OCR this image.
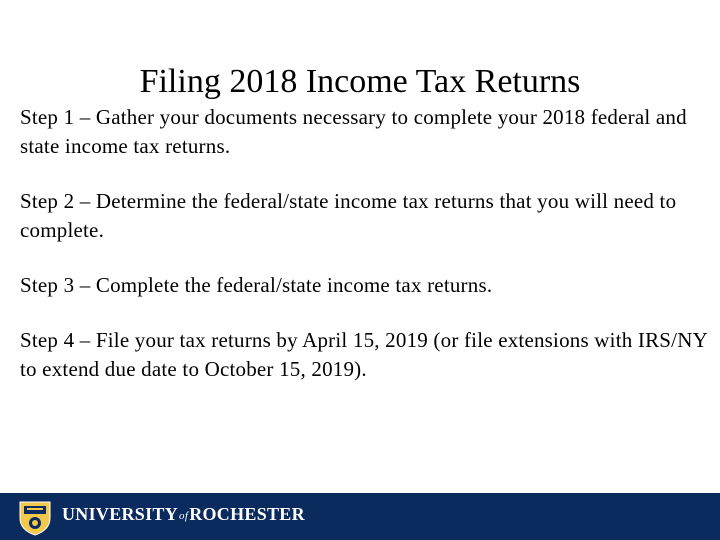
Filing 2018 Income Tax Returns

Step 1 – Gather your documents necessary to complete your 2018 federal and state income tax returns.

Step 2 – Determine the federal/state income tax returns that you will need to complete.

Step 3 – Complete the federal/state income tax returns.

Step 4 – File your tax returns by April 15, 2019 (or file extensions with IRS/NY to extend due date to October 15, 2019).

UNIVERSITYofROCHESTER
